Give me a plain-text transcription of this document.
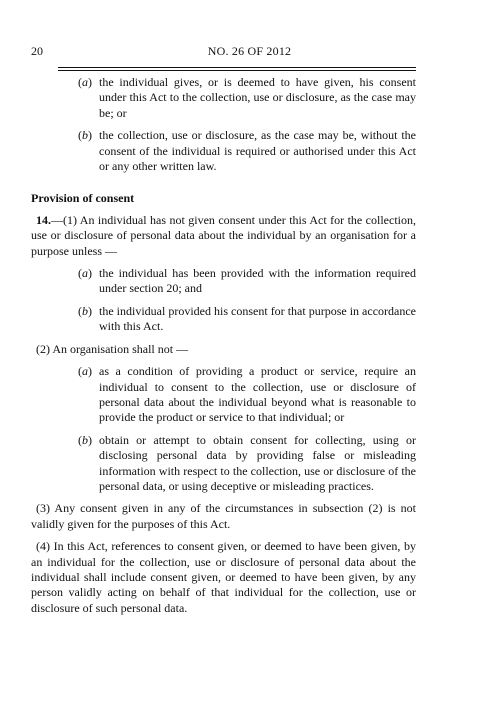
20	NO. 26 OF 2012
(a) the individual gives, or is deemed to have given, his consent under this Act to the collection, use or disclosure, as the case may be; or
(b) the collection, use or disclosure, as the case may be, without the consent of the individual is required or authorised under this Act or any other written law.
Provision of consent
14.—(1) An individual has not given consent under this Act for the collection, use or disclosure of personal data about the individual by an organisation for a purpose unless —
(a) the individual has been provided with the information required under section 20; and
(b) the individual provided his consent for that purpose in accordance with this Act.
(2) An organisation shall not —
(a) as a condition of providing a product or service, require an individual to consent to the collection, use or disclosure of personal data about the individual beyond what is reasonable to provide the product or service to that individual; or
(b) obtain or attempt to obtain consent for collecting, using or disclosing personal data by providing false or misleading information with respect to the collection, use or disclosure of the personal data, or using deceptive or misleading practices.
(3) Any consent given in any of the circumstances in subsection (2) is not validly given for the purposes of this Act.
(4) In this Act, references to consent given, or deemed to have been given, by an individual for the collection, use or disclosure of personal data about the individual shall include consent given, or deemed to have been given, by any person validly acting on behalf of that individual for the collection, use or disclosure of such personal data.
